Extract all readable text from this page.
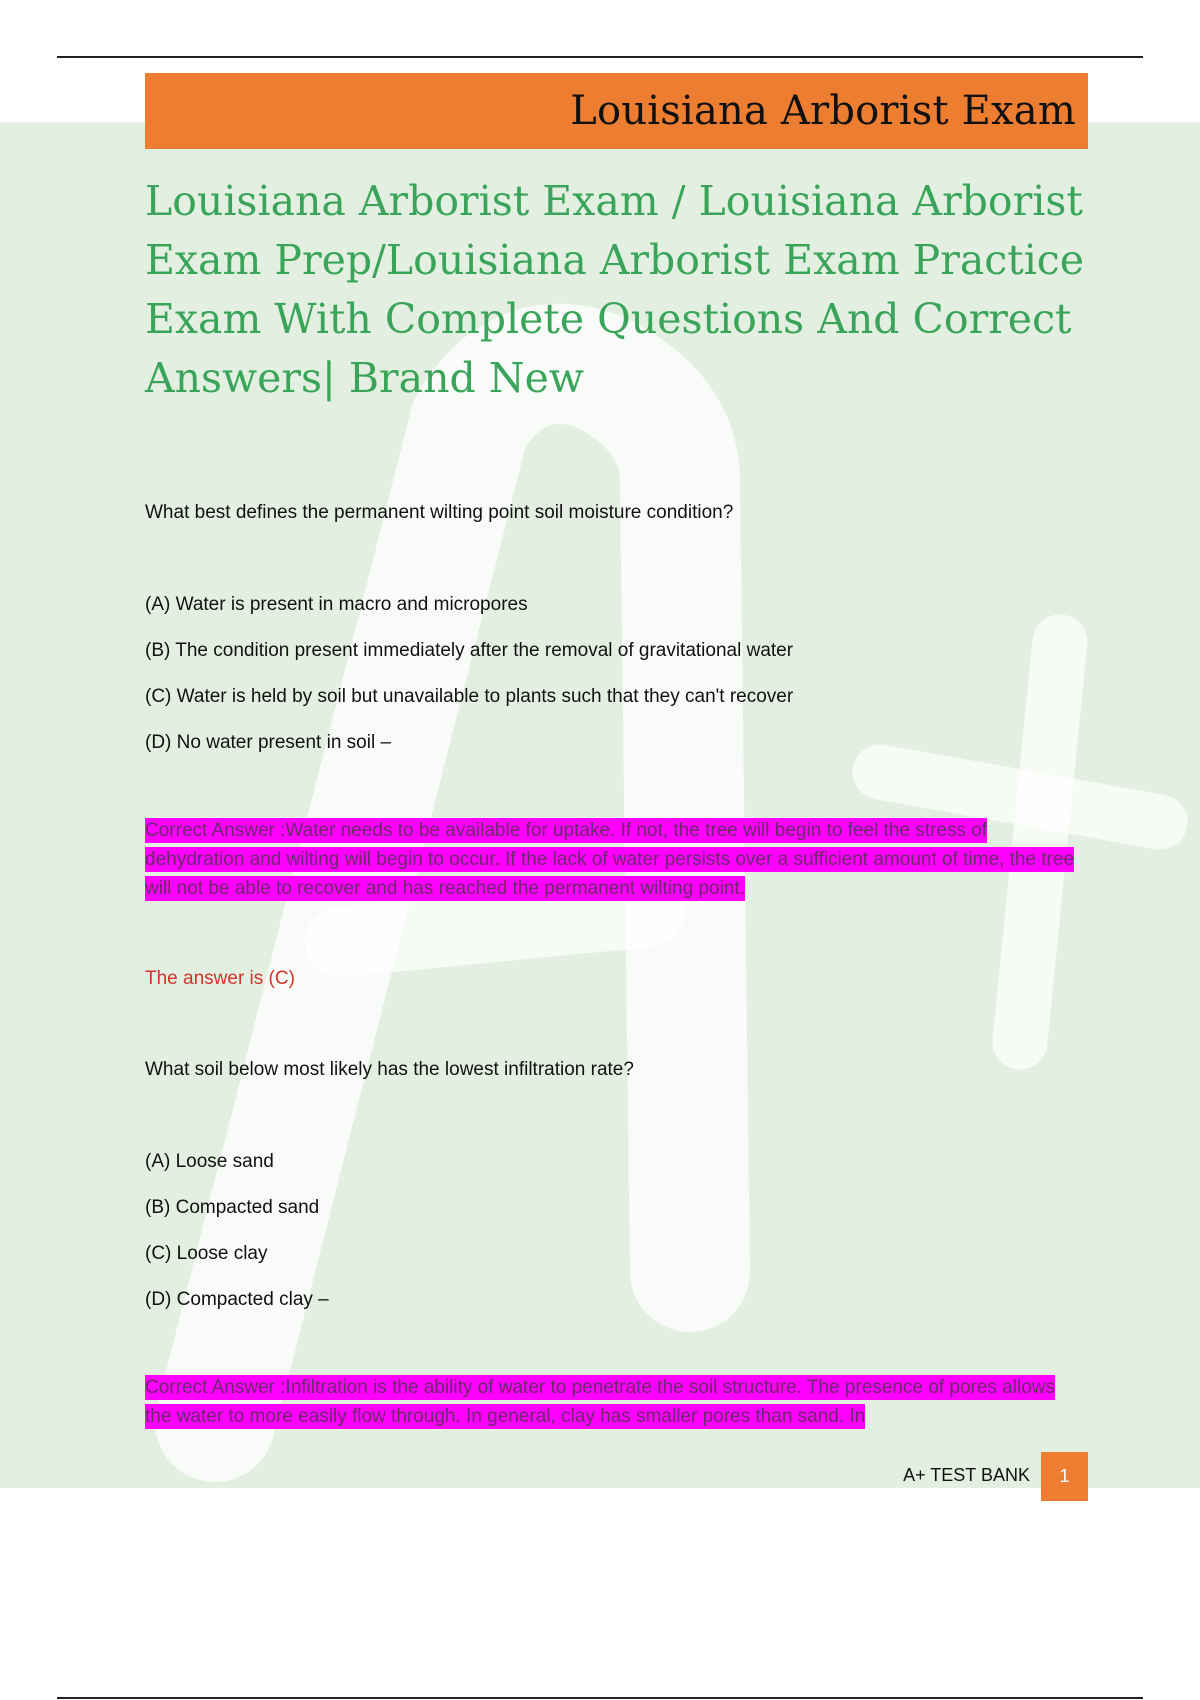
Louisiana Arborist Exam
Louisiana Arborist Exam / Louisiana Arborist Exam Prep/Louisiana Arborist Exam Practice Exam With Complete Questions And Correct Answers| Brand New

What best defines the permanent wilting point soil moisture condition?

(A) Water is present in macro and micropores

(B) The condition present immediately after the removal of gravitational water

(C) Water is held by soil but unavailable to plants such that they can't recover

(D) No water present in soil –

Correct Answer :Water needs to be available for uptake. If not, the tree will begin to feel the stress of dehydration and wilting will begin to occur. If the lack of water persists over a sufficient amount of time, the tree will not be able to recover and has reached the permanent wilting point.

The answer is (C)

What soil below most likely has the lowest infiltration rate?

(A) Loose sand

(B) Compacted sand

(C) Loose clay

(D) Compacted clay –

Correct Answer :Infiltration is the ability of water to penetrate the soil structure. The presence of pores allows the water to more easily flow through. In general, clay has smaller pores than sand. In

A+ TEST BANK	1
